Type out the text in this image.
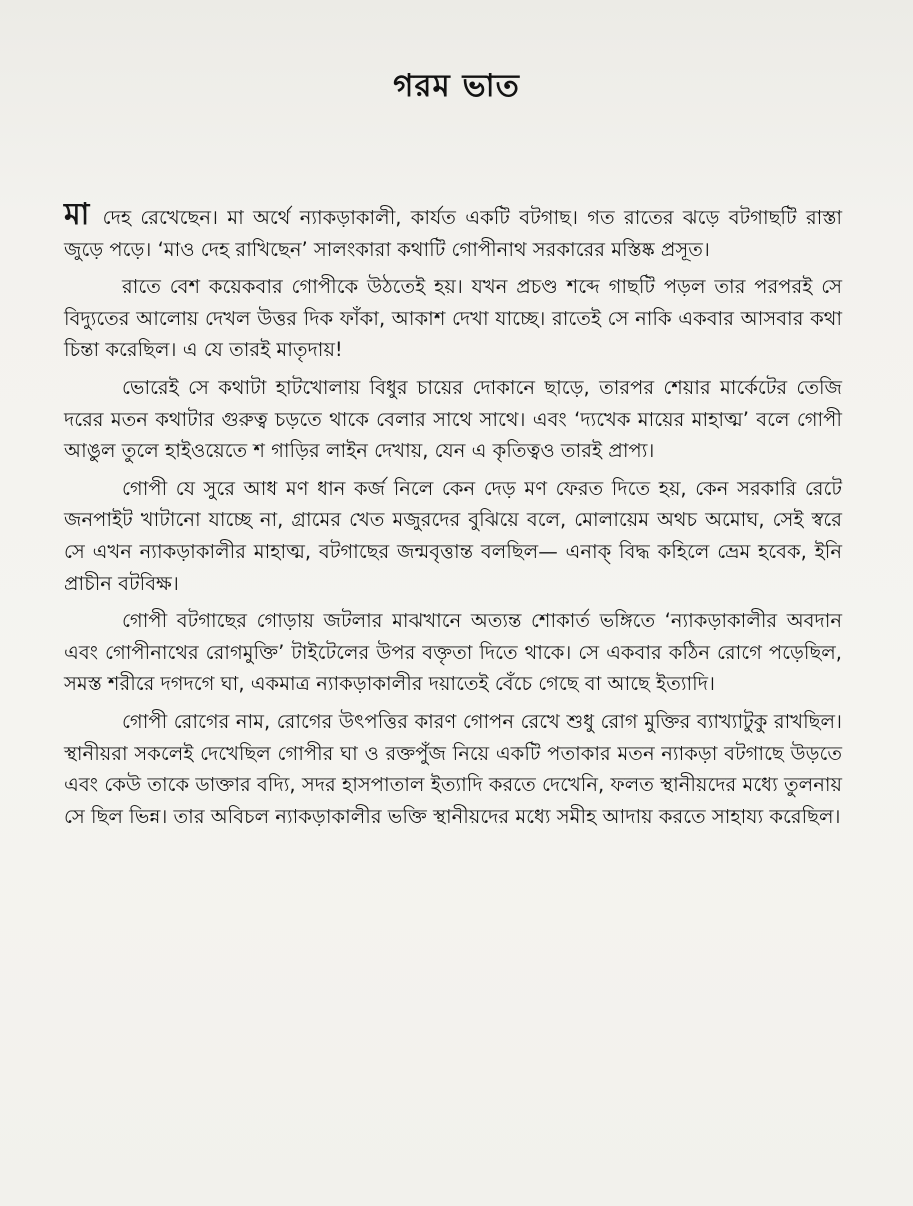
গরম ভাত

মা দেহ রেখেছেন। মা অর্থে ন্যাকড়াকালী, কার্যত একটি বটগাছ। গত রাতের ঝড়ে বটগাছটি রাস্তা জুড়ে পড়ে। ‘মাও দেহ রাখিছেন’ সালংকারা কথাটি গোপীনাথ সরকারের মস্তিষ্ক প্রসূত।

রাতে বেশ কয়েকবার গোপীকে উঠতেই হয়। যখন প্রচণ্ড শব্দে গাছটি পড়ল তার পরপরই সে বিদ্যুতের আলোয় দেখল উত্তর দিক ফাঁকা, আকাশ দেখা যাচ্ছে। রাতেই সে নাকি একবার আসবার কথা চিন্তা করেছিল। এ যে তারই মাতৃদায়!

ভোরেই সে কথাটা হাটখোলায় বিধুর চায়ের দোকানে ছাড়ে, তারপর শেয়ার মার্কেটের তেজি দরের মতন কথাটার গুরুত্ব চড়তে থাকে বেলার সাথে সাথে। এবং ‘দ্যখেক মায়ের মাহাত্ম’ বলে গোপী আঙুল তুলে হাইওয়েতে শ গাড়ির লাইন দেখায়, যেন এ কৃতিত্বও তারই প্রাপ্য।

গোপী যে সুরে আধ মণ ধান কর্জ নিলে কেন দেড় মণ ফেরত দিতে হয়, কেন সরকারি রেটে জনপাইট খাটানো যাচ্ছে না, গ্রামের খেত মজুরদের বুঝিয়ে বলে, মোলায়েম অথচ অমোঘ, সেই স্বরে সে এখন ন্যাকড়াকালীর মাহাত্ম, বটগাছের জন্মবৃত্তান্ত বলছিল— এনাক্‌ বিদ্ধ কহিলে ভ্রেম হবেক, ইনি প্রাচীন বটবিক্ষ।

গোপী বটগাছের গোড়ায় জটলার মাঝখানে অত্যন্ত শোকার্ত ভঙ্গিতে ‘ন্যাকড়াকালীর অবদান এবং গোপীনাথের রোগমুক্তি’ টাইটেলের উপর বক্তৃতা দিতে থাকে। সে একবার কঠিন রোগে পড়েছিল, সমস্ত শরীরে দগদগে ঘা, একমাত্র ন্যাকড়াকালীর দয়াতেই বেঁচে গেছে বা আছে ইত্যাদি।

গোপী রোগের নাম, রোগের উৎপত্তির কারণ গোপন রেখে শুধু রোগ মুক্তির ব্যাখ্যাটুকু রাখছিল। স্থানীয়রা সকলেই দেখেছিল গোপীর ঘা ও রক্তপুঁজ নিয়ে একটি পতাকার মতন ন্যাকড়া বটগাছে উড়তে এবং কেউ তাকে ডাক্তার বদ্যি, সদর হাসপাতাল ইত্যাদি করতে দেখেনি, ফলত স্থানীয়দের মধ্যে তুলনায় সে ছিল ভিন্ন। তার অবিচল ন্যাকড়াকালীর ভক্তি স্থানীয়দের মধ্যে সমীহ আদায় করতে সাহায্য করেছিল।
